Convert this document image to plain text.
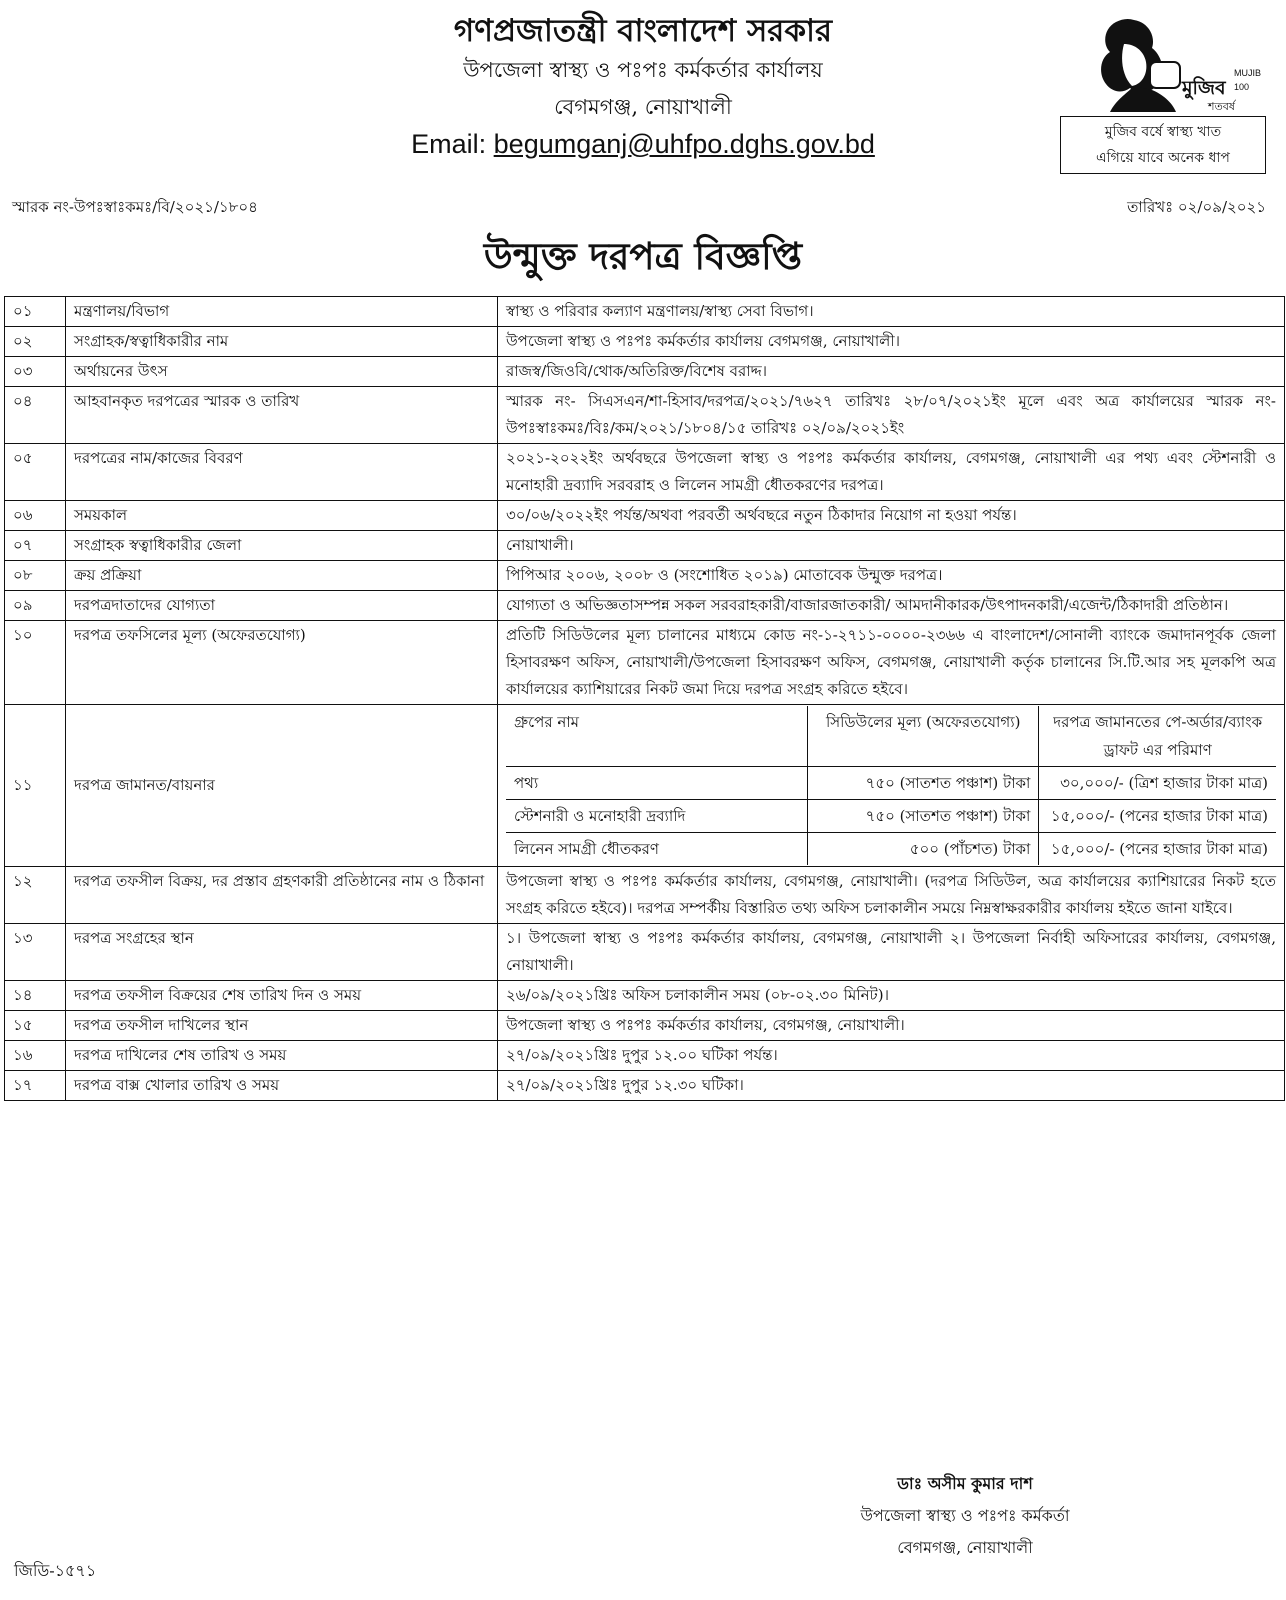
গণপ্রজাতন্ত্রী বাংলাদেশ সরকার
উপজেলা স্বাস্থ্য ও পঃপঃ কর্মকর্তার কার্যালয়
বেগমগঞ্জ, নোয়াখালী
Email: begumganj@uhfpo.dghs.gov.bd
মুজিব
MUJIB 100
শতবর্ষ
মুজিব বর্ষে স্বাস্থ্য খাত
এগিয়ে যাবে অনেক ধাপ
স্মারক নং-উপঃস্বাঃকমঃ/বি/২০২১/১৮০৪	তারিখঃ ০২/০৯/২০২১
উন্মুক্ত দরপত্র বিজ্ঞপ্তি
০১	মন্ত্রণালয়/বিভাগ	স্বাস্থ্য ও পরিবার কল্যাণ মন্ত্রণালয়/স্বাস্থ্য সেবা বিভাগ।
০২	সংগ্রাহক/স্বত্বাধিকারীর নাম	উপজেলা স্বাস্থ্য ও পঃপঃ কর্মকর্তার কার্যালয় বেগমগঞ্জ, নোয়াখালী।
০৩	অর্থায়নের উৎস	রাজস্ব/জিওবি/থোক/অতিরিক্ত/বিশেষ বরাদ্দ।
০৪	আহবানকৃত দরপত্রের স্মারক ও তারিখ	স্মারক নং- সিএসএন/শা-হিসাব/দরপত্র/২০২১/৭৬২৭ তারিখঃ ২৮/০৭/২০২১ইং মূলে এবং অত্র কার্যালয়ের স্মারক নং-উপঃস্বাঃকমঃ/বিঃ/কম/২০২১/১৮০৪/১৫ তারিখঃ ০২/০৯/২০২১ইং
০৫	দরপত্রের নাম/কাজের বিবরণ	২০২১-২০২২ইং অর্থবছরে উপজেলা স্বাস্থ্য ও পঃপঃ কর্মকর্তার কার্যালয়, বেগমগঞ্জ, নোয়াখালী এর পথ্য এবং স্টেশনারী ও মনোহারী দ্রব্যাদি সরবরাহ ও লিলেন সামগ্রী ধৌতকরণের দরপত্র।
০৬	সময়কাল	৩০/০৬/২০২২ইং পর্যন্ত/অথবা পরবর্তী অর্থবছরে নতুন ঠিকাদার নিয়োগ না হওয়া পর্যন্ত।
০৭	সংগ্রাহক স্বত্বাধিকারীর জেলা	নোয়াখালী।
০৮	ক্রয় প্রক্রিয়া	পিপিআর ২০০৬, ২০০৮ ও (সংশোধিত ২০১৯) মোতাবেক উন্মুক্ত দরপত্র।
০৯	দরপত্রদাতাদের যোগ্যতা	যোগ্যতা ও অভিজ্ঞতাসম্পন্ন সকল সরবরাহকারী/বাজারজাতকারী/ আমদানীকারক/উৎপাদনকারী/এজেন্ট/ঠিকাদারী প্রতিষ্ঠান।
১০	দরপত্র তফসিলের মূল্য (অফেরতযোগ্য)	প্রতিটি সিডিউলের মূল্য চালানের মাধ্যমে কোড নং-১-২৭১১-০০০০-২৩৬৬ এ বাংলাদেশ/সোনালী ব্যাংকে জমাদানপূর্বক জেলা হিসাবরক্ষণ অফিস, নোয়াখালী/উপজেলা হিসাবরক্ষণ অফিস, বেগমগঞ্জ, নোয়াখালী কর্তৃক চালানের সি.টি.আর সহ মূলকপি অত্র কার্যালয়ের ক্যাশিয়ারের নিকট জমা দিয়ে দরপত্র সংগ্রহ করিতে হইবে।
১১	দরপত্র জামানত/বায়নার	
গ্রুপের নাম	সিডিউলের মূল্য (অফেরতযোগ্য)	দরপত্র জামানতের পে-অর্ডার/ব্যাংক ড্রাফট এর পরিমাণ
পথ্য	৭৫০ (সাতশত পঞ্চাশ) টাকা	৩০,০০০/- (ত্রিশ হাজার টাকা মাত্র)
স্টেশনারী ও মনোহারী দ্রব্যাদি	৭৫০ (সাতশত পঞ্চাশ) টাকা	১৫,০০০/- (পনের হাজার টাকা মাত্র)
লিনেন সামগ্রী ধৌতকরণ	৫০০ (পাঁচশত) টাকা	১৫,০০০/- (পনের হাজার টাকা মাত্র)

১২	দরপত্র তফসীল বিক্রয়, দর প্রস্তাব গ্রহণকারী প্রতিষ্ঠানের নাম ও ঠিকানা	উপজেলা স্বাস্থ্য ও পঃপঃ কর্মকর্তার কার্যালয়, বেগমগঞ্জ, নোয়াখালী। (দরপত্র সিডিউল, অত্র কার্যালয়ের ক্যাশিয়ারের নিকট হতে সংগ্রহ করিতে হইবে)। দরপত্র সম্পর্কীয় বিস্তারিত তথ্য অফিস চলাকালীন সময়ে নিম্নস্বাক্ষরকারীর কার্যালয় হইতে জানা যাইবে।
১৩	দরপত্র সংগ্রহের স্থান	১। উপজেলা স্বাস্থ্য ও পঃপঃ কর্মকর্তার কার্যালয়, বেগমগঞ্জ, নোয়াখালী ২। উপজেলা নির্বাহী অফিসারের কার্যালয়, বেগমগঞ্জ, নোয়াখালী।
১৪	দরপত্র তফসীল বিক্রয়ের শেষ তারিখ দিন ও সময়	২৬/০৯/২০২১খ্রিঃ অফিস চলাকালীন সময় (০৮-০২.৩০ মিনিট)।
১৫	দরপত্র তফসীল দাখিলের স্থান	উপজেলা স্বাস্থ্য ও পঃপঃ কর্মকর্তার কার্যালয়, বেগমগঞ্জ, নোয়াখালী।
১৬	দরপত্র দাখিলের শেষ তারিখ ও সময়	২৭/০৯/২০২১খ্রিঃ দুপুর ১২.০০ ঘটিকা পর্যন্ত।
১৭	দরপত্র বাক্স খোলার তারিখ ও সময়	২৭/০৯/২০২১খ্রিঃ দুপুর ১২.৩০ ঘটিকা।
ডাঃ অসীম কুমার দাশ
উপজেলা স্বাস্থ্য ও পঃপঃ কর্মকর্তা
বেগমগঞ্জ, নোয়াখালী
জিডি-১৫৭১
